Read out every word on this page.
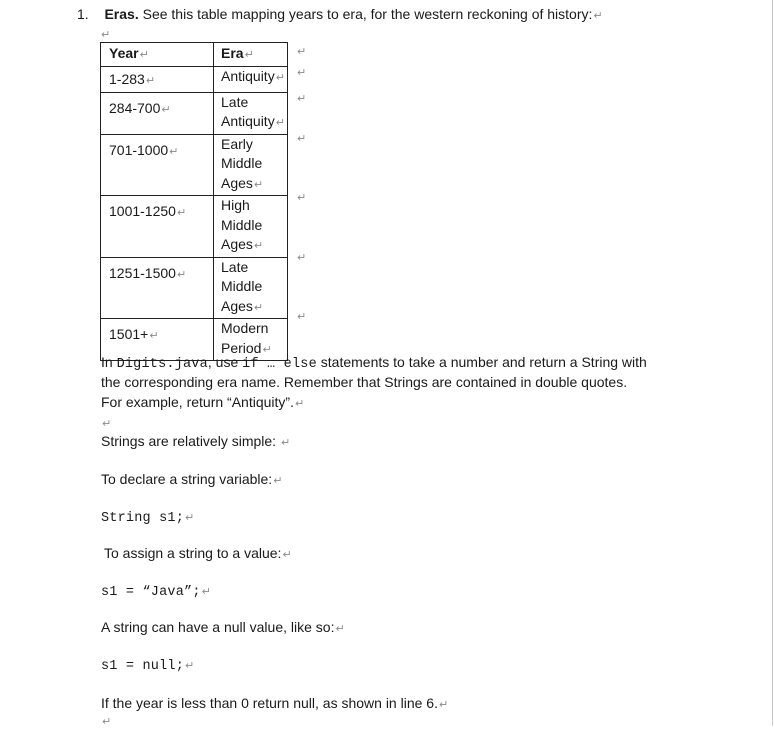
1. Eras. See this table mapping years to era, for the western reckoning of history:↵
↵
Year↵	Era↵
1-283↵	Antiquity↵
284-700↵	Late
Antiquity↵
701-1000↵	Early
Middle
Ages↵
1001-1250↵	High
Middle
Ages↵
1251-1500↵	Late
Middle
Ages↵
1501+↵	Modern
Period↵
↵
↵
↵
↵
↵
↵
↵
In Digits.java, use if … else statements to take a number and return a String with
the corresponding era name. Remember that Strings are contained in double quotes.
For example, return “Antiquity”.↵
↵
Strings are relatively simple: ↵
To declare a string variable:↵
String s1;↵
To assign a string to a value:↵
s1 = “Java”;↵
A string can have a null value, like so:↵
s1 = null;↵
If the year is less than 0 return null, as shown in line 6.↵
↵
